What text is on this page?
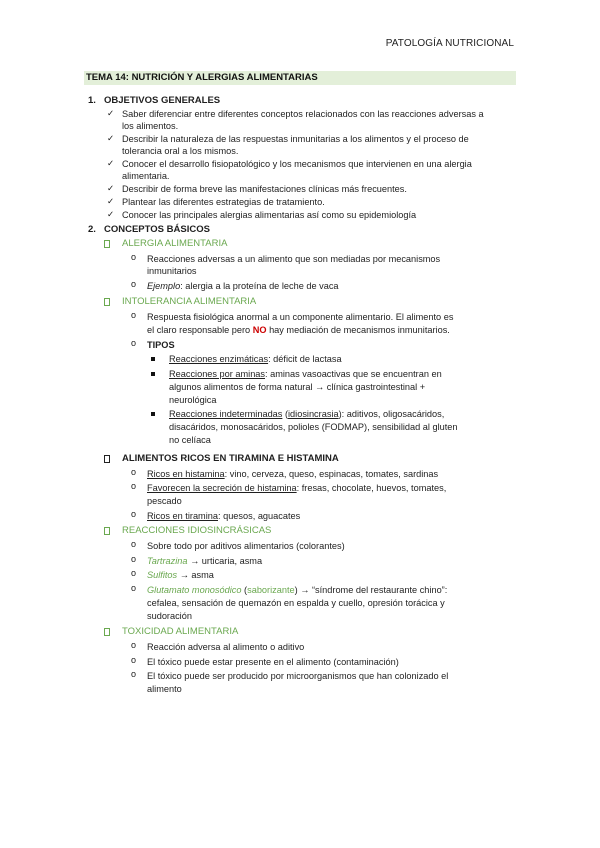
PATOLOGÍA NUTRICIONAL
TEMA 14: NUTRICIÓN Y ALERGIAS ALIMENTARIAS
1. OBJETIVOS GENERALES
✓ Saber diferenciar entre diferentes conceptos relacionados con las reacciones adversas a
los alimentos.
✓ Describir la naturaleza de las respuestas inmunitarias a los alimentos y el proceso de
tolerancia oral a los mismos.
✓ Conocer el desarrollo fisiopatológico y los mecanismos que intervienen en una alergia
alimentaria.
✓ Describir de forma breve las manifestaciones clínicas más frecuentes.
✓ Plantear las diferentes estrategias de tratamiento.
✓ Conocer las principales alergias alimentarias así como su epidemiología
2. CONCEPTOS BÁSICOS
ALERGIA ALIMENTARIA
o Reacciones adversas a un alimento que son mediadas por mecanismos
inmunitarios
o Ejemplo: alergia a la proteína de leche de vaca
INTOLERANCIA ALIMENTARIA
o Respuesta fisiológica anormal a un componente alimentario. El alimento es
el claro responsable pero NO hay mediación de mecanismos inmunitarios.
o TIPOS
Reacciones enzimáticas: déficit de lactasa
Reacciones por aminas: aminas vasoactivas que se encuentran en
algunos alimentos de forma natural → clínica gastrointestinal +
neurológica
Reacciones indeterminadas (idiosincrasia): aditivos, oligosacáridos,
disacáridos, monosacáridos, polioles (FODMAP), sensibilidad al gluten
no celíaca
ALIMENTOS RICOS EN TIRAMINA E HISTAMINA
o Ricos en histamina: vino, cerveza, queso, espinacas, tomates, sardinas
o Favorecen la secreción de histamina: fresas, chocolate, huevos, tomates,
pescado
o Ricos en tiramina: quesos, aguacates
REACCIONES IDIOSINCRÁSICAS
o Sobre todo por aditivos alimentarios (colorantes)
o Tartrazina → urticaria, asma
o Sulfitos → asma
o Glutamato monosódico (saborizante) → “síndrome del restaurante chino”:
cefalea, sensación de quemazón en espalda y cuello, opresión torácica y
sudoración
TOXICIDAD ALIMENTARIA
o Reacción adversa al alimento o aditivo
o El tóxico puede estar presente en el alimento (contaminación)
o El tóxico puede ser producido por microorganismos que han colonizado el
alimento
